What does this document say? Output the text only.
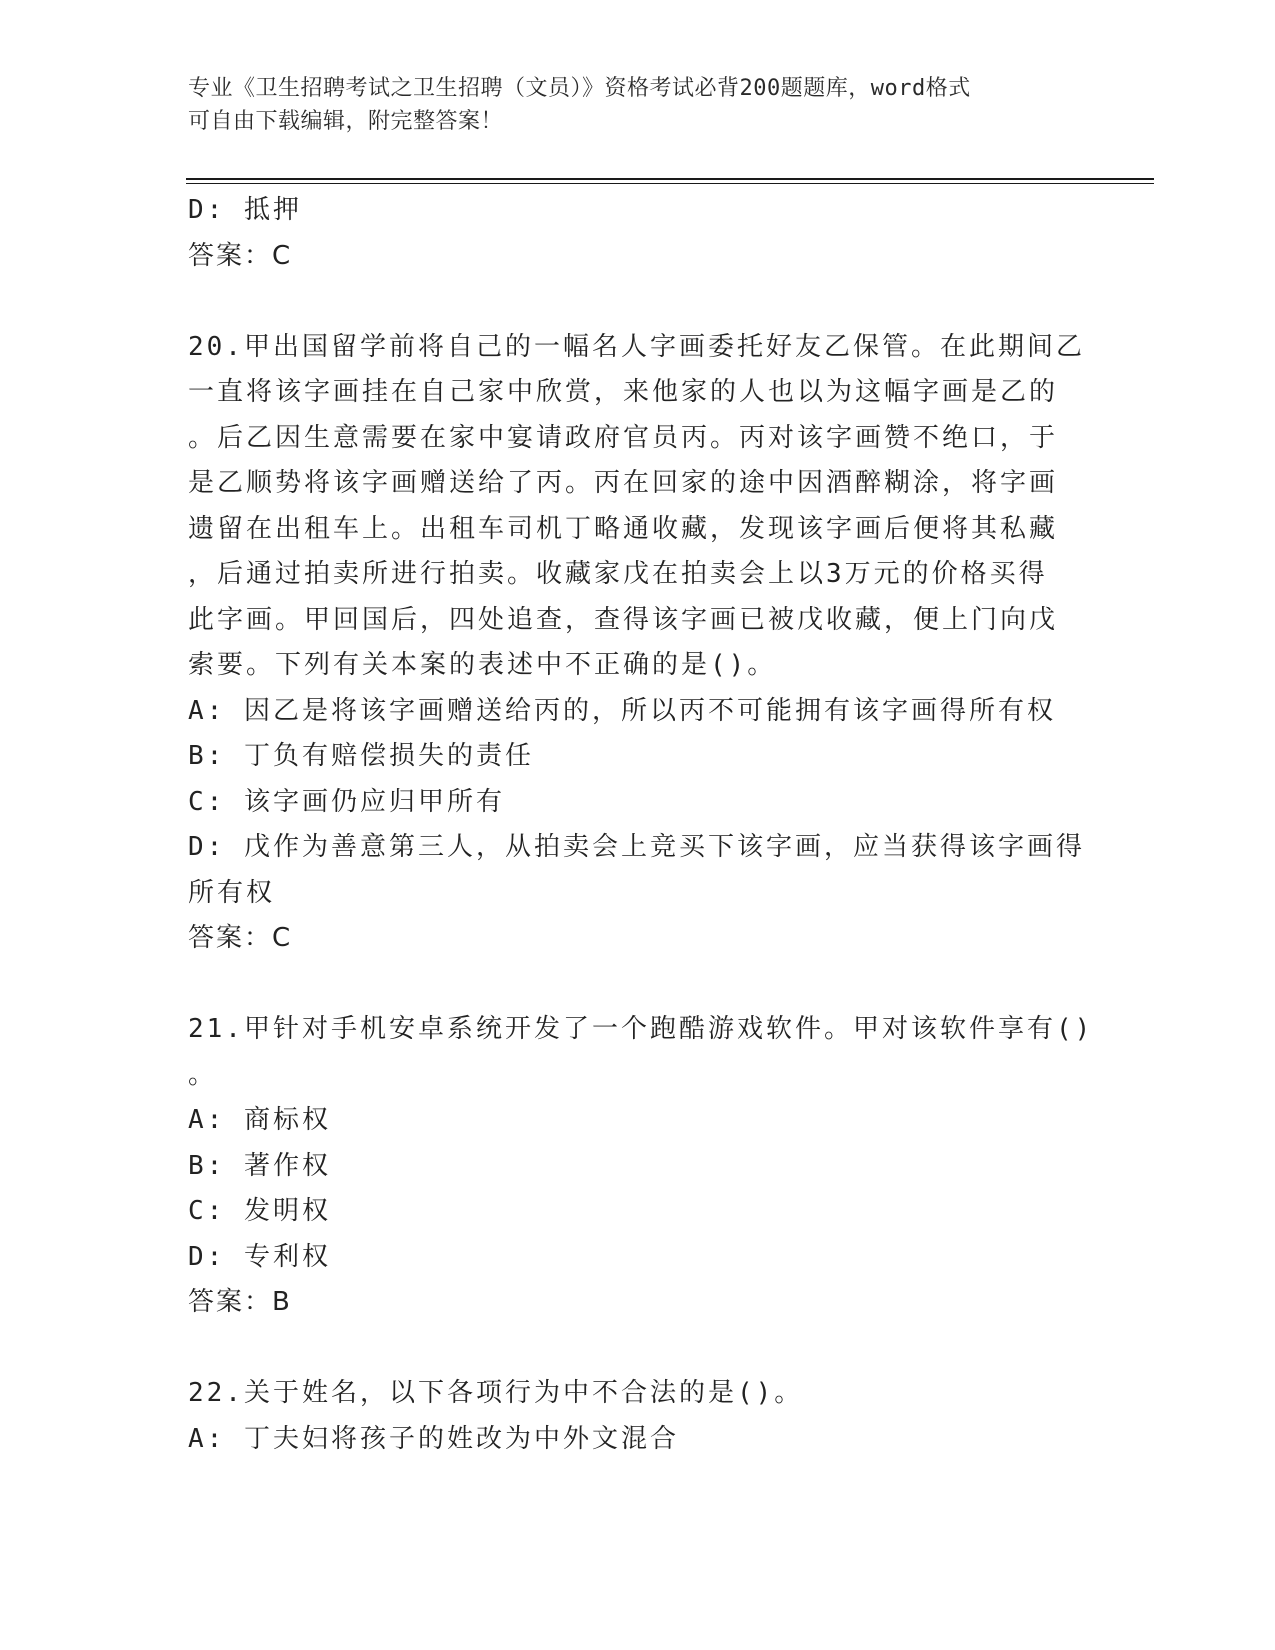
专业《卫生招聘考试之卫生招聘（文员）》资格考试必背200题题库，word格式
可自由下载编辑，附完整答案！
D: 抵押
答案：C
20.甲出国留学前将自己的一幅名人字画委托好友乙保管。在此期间乙
一直将该字画挂在自己家中欣赏，来他家的人也以为这幅字画是乙的
。后乙因生意需要在家中宴请政府官员丙。丙对该字画赞不绝口，于
是乙顺势将该字画赠送给了丙。丙在回家的途中因酒醉糊涂，将字画
遗留在出租车上。出租车司机丁略通收藏，发现该字画后便将其私藏
，后通过拍卖所进行拍卖。收藏家戊在拍卖会上以3万元的价格买得
此字画。甲回国后，四处追查，查得该字画已被戊收藏，便上门向戊
索要。下列有关本案的表述中不正确的是()。
A: 因乙是将该字画赠送给丙的，所以丙不可能拥有该字画得所有权
B: 丁负有赔偿损失的责任
C: 该字画仍应归甲所有
D: 戊作为善意第三人，从拍卖会上竞买下该字画，应当获得该字画得
所有权
答案：C
21.甲针对手机安卓系统开发了一个跑酷游戏软件。甲对该软件享有()
。
A: 商标权
B: 著作权
C: 发明权
D: 专利权
答案：B
22.关于姓名，以下各项行为中不合法的是()。
A: 丁夫妇将孩子的姓改为中外文混合
